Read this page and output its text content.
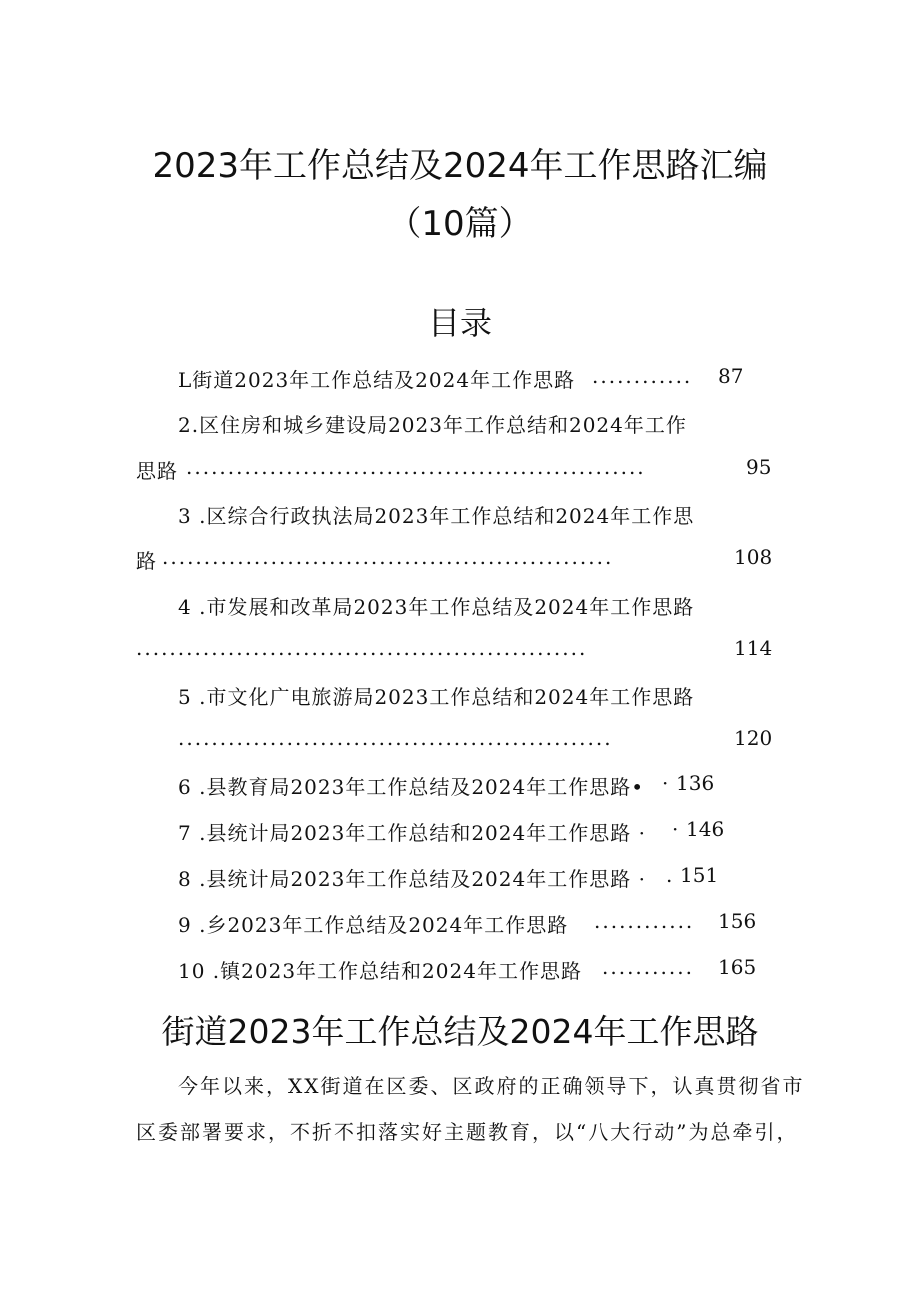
2023年工作总结及2024年工作思路汇编
（10篇）
目录
L街道2023年工作总结及2024年工作思路 ............	87
2.区住房和城乡建设局2023年工作总结和2024年工作
思路 .......................................................	95
3 .区综合行政执法局2023年工作总结和2024年工作思
路 ......................................................	108
4 .市发展和改革局2023年工作总结及2024年工作思路
......................................................	114
5 .市文化广电旅游局2023工作总结和2024年工作思路
....................................................	120
6 .县教育局2023年工作总结及2024年工作思路• · 136
7 .县统计局2023年工作总结和2024年工作思路 · · 146
8 .县统计局2023年工作总结及2024年工作思路 · . 151
9 .乡2023年工作总结及2024年工作思路 ............	156
10 .镇2023年工作总结和2024年工作思路 ...........	165
街道2023年工作总结及2024年工作思路
今年以来，XX街道在区委、区政府的正确领导下，认真贯彻省市
区委部署要求，不折不扣落实好主题教育，以“八大行动”为总牵引，
